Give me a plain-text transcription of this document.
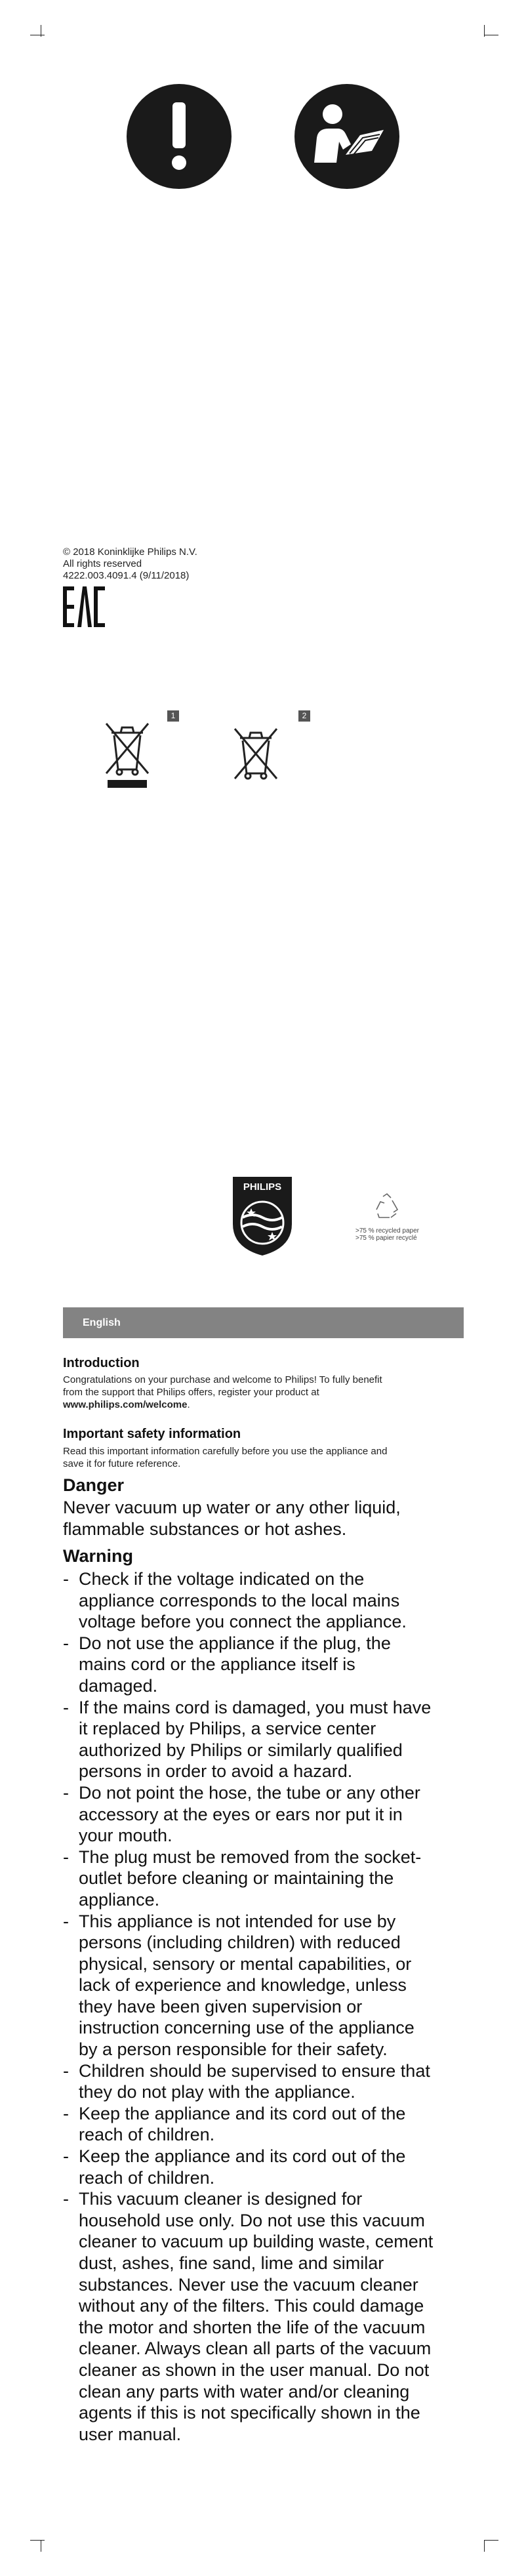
© 2018 Koninklijke Philips N.V.
All rights reserved
4222.003.4091.4 (9/11/2018)
1	2
PHILIPS
>75 % recycled paper
>75 % papier recyclé
English
Introduction
Congratulations on your purchase and welcome to Philips! To fully benefit
from the support that Philips offers, register your product at
www.philips.com/welcome.
Important safety information
Read this important information carefully before you use the appliance and
save it for future reference.
Danger
Never vacuum up water or any other liquid,
flammable substances or hot ashes.
Warning
- Check if the voltage indicated on the
appliance corresponds to the local mains
voltage before you connect the appliance.
- Do not use the appliance if the plug, the
mains cord or the appliance itself is
damaged.
- If the mains cord is damaged, you must have
it replaced by Philips, a service center
authorized by Philips or similarly qualified
persons in order to avoid a hazard.
- Do not point the hose, the tube or any other
accessory at the eyes or ears nor put it in
your mouth.
- The plug must be removed from the socket-
outlet before cleaning or maintaining the
appliance.
- This appliance is not intended for use by
persons (including children) with reduced
physical, sensory or mental capabilities, or
lack of experience and knowledge, unless
they have been given supervision or
instruction concerning use of the appliance
by a person responsible for their safety.
- Children should be supervised to ensure that
they do not play with the appliance.
- Keep the appliance and its cord out of the
reach of children.
- Keep the appliance and its cord out of the
reach of children.
- This vacuum cleaner is designed for
household use only. Do not use this vacuum
cleaner to vacuum up building waste, cement
dust, ashes, fine sand, lime and similar
substances. Never use the vacuum cleaner
without any of the filters. This could damage
the motor and shorten the life of the vacuum
cleaner. Always clean all parts of the vacuum
cleaner as shown in the user manual. Do not
clean any parts with water and/or cleaning
agents if this is not specifically shown in the
user manual.
